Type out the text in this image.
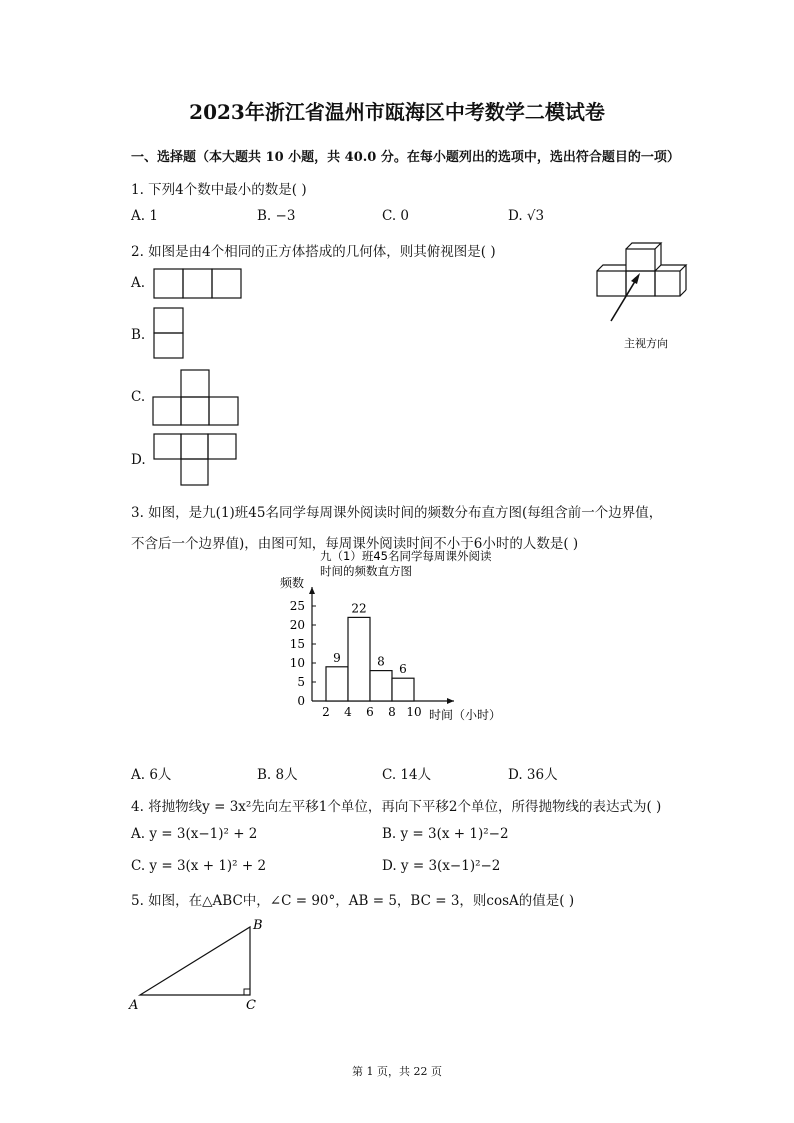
2023年浙江省温州市瓯海区中考数学二模试卷
一、选择题（本大题共 10 小题，共 40.0 分。在每小题列出的选项中，选出符合题目的一项）
1. 下列4个数中最小的数是( )
A. 1	B. −3	C. 0	D. √3
2. 如图是由4个相同的正方体搭成的几何体，则其俯视图是( )
A.
B.
C.
D.
主视方向
3. 如图，是九(1)班45名同学每周课外阅读时间的频数分布直方图(每组含前一个边界值，
不含后一个边界值)，由图可知，每周课外阅读时间不小于6小时的人数是( )
九（1）班45名同学每周课外阅读
时间的频数直方图
频数
时间（小时）
0
5
10
15
20
25
2 4 6 8 10
9
22
8
6
A. 6人	B. 8人	C. 14人	D. 36人
4. 将抛物线y = 3x²先向左平移1个单位，再向下平移2个单位，所得抛物线的表达式为( )
A. y = 3(x−1)² + 2	B. y = 3(x + 1)²−2
C. y = 3(x + 1)² + 2	D. y = 3(x−1)²−2
5. 如图，在△ABC中，∠C = 90°，AB = 5，BC = 3，则cosA的值是( )
A
B
C
第 1 页，共 22 页
